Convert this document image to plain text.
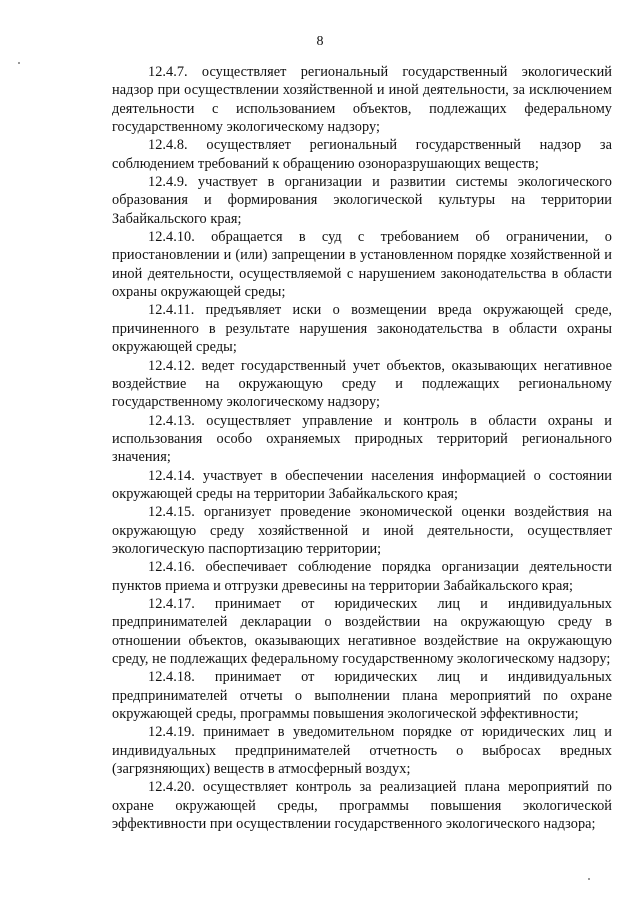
8

12.4.7. осуществляет региональный государственный экологический надзор при осуществлении хозяйственной и иной деятельности, за исключением деятельности с использованием объектов, подлежащих федеральному государственному экологическому надзору;

12.4.8. осуществляет региональный государственный надзор за соблюдением требований к обращению озоноразрушающих веществ;

12.4.9. участвует в организации и развитии системы экологического образования и формирования экологической культуры на территории Забайкальского края;

12.4.10. обращается в суд с требованием об ограничении, о приостановлении и (или) запрещении в установленном порядке хозяйственной и иной деятельности, осуществляемой с нарушением законодательства в области охраны окружающей среды;

12.4.11. предъявляет иски о возмещении вреда окружающей среде, причиненного в результате нарушения законодательства в области охраны окружающей среды;

12.4.12. ведет государственный учет объектов, оказывающих негативное воздействие на окружающую среду и подлежащих региональному государственному экологическому надзору;

12.4.13. осуществляет управление и контроль в области охраны и использования особо охраняемых природных территорий регионального значения;

12.4.14. участвует в обеспечении населения информацией о состоянии окружающей среды на территории Забайкальского края;

12.4.15. организует проведение экономической оценки воздействия на окружающую среду хозяйственной и иной деятельности, осуществляет экологическую паспортизацию территории;

12.4.16. обеспечивает соблюдение порядка организации деятельности пунктов приема и отгрузки древесины на территории Забайкальского края;

12.4.17. принимает от юридических лиц и индивидуальных предпринимателей декларации о воздействии на окружающую среду в отношении объектов, оказывающих негативное воздействие на окружающую среду, не подлежащих федеральному государственному экологическому надзору;

12.4.18. принимает от юридических лиц и индивидуальных предпринимателей отчеты о выполнении плана мероприятий по охране окружающей среды, программы повышения экологической эффективности;

12.4.19. принимает в уведомительном порядке от юридических лиц и индивидуальных предпринимателей отчетность о выбросах вредных (загрязняющих) веществ в атмосферный воздух;

12.4.20. осуществляет контроль за реализацией плана мероприятий по охране окружающей среды, программы повышения экологической эффективности при осуществлении государственного экологического надзора;
